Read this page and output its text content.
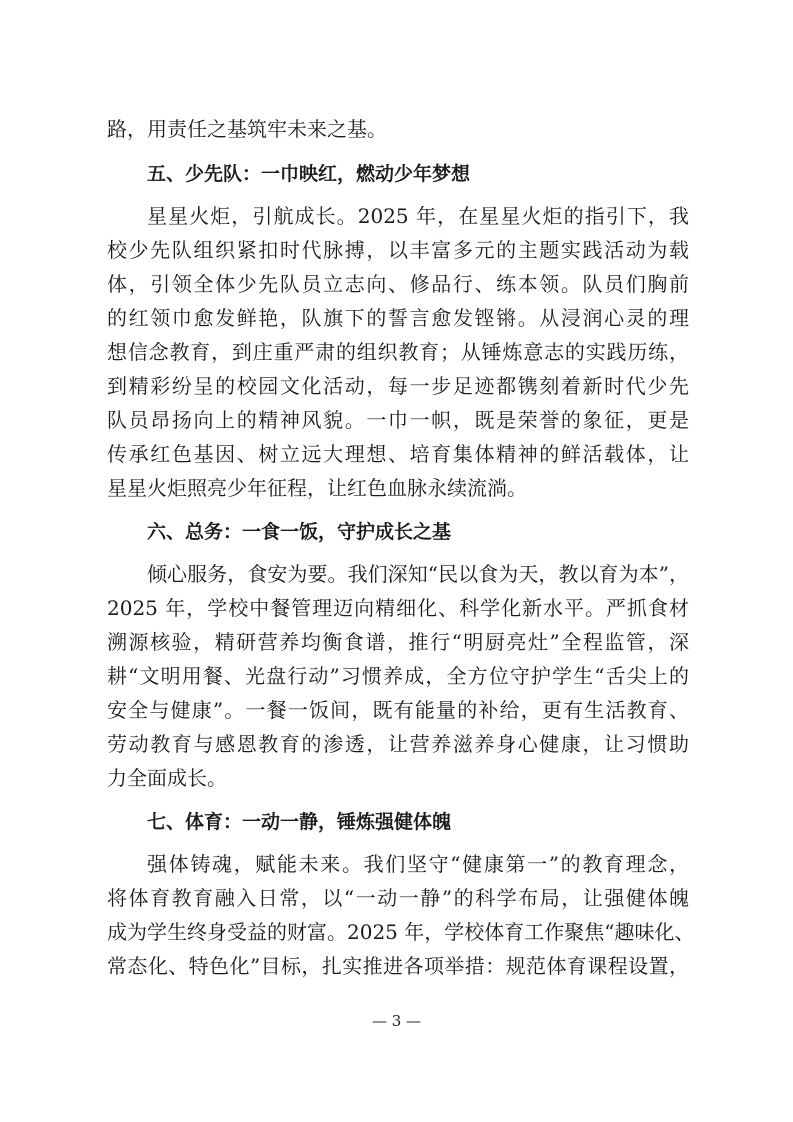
路，用责任之基筑牢未来之基。
五、少先队：一巾映红，燃动少年梦想
星星火炬，引航成长。2025 年，在星星火炬的指引下，我
校少先队组织紧扣时代脉搏，以丰富多元的主题实践活动为载
体，引领全体少先队员立志向、修品行、练本领。队员们胸前
的红领巾愈发鲜艳，队旗下的誓言愈发铿锵。从浸润心灵的理
想信念教育，到庄重严肃的组织教育；从锤炼意志的实践历练，
到精彩纷呈的校园文化活动，每一步足迹都镌刻着新时代少先
队员昂扬向上的精神风貌。一巾一帜，既是荣誉的象征，更是
传承红色基因、树立远大理想、培育集体精神的鲜活载体，让
星星火炬照亮少年征程，让红色血脉永续流淌。
六、总务：一食一饭，守护成长之基
倾心服务，食安为要。我们深知“民以食为天，教以育为本”，
2025 年，学校中餐管理迈向精细化、科学化新水平。严抓食材
溯源核验，精研营养均衡食谱，推行“明厨亮灶”全程监管，深
耕“文明用餐、光盘行动”习惯养成，全方位守护学生“舌尖上的
安全与健康”。一餐一饭间，既有能量的补给，更有生活教育、
劳动教育与感恩教育的渗透，让营养滋养身心健康，让习惯助
力全面成长。
七、体育：一动一静，锤炼强健体魄
强体铸魂，赋能未来。我们坚守“健康第一”的教育理念，
将体育教育融入日常，以“一动一静”的科学布局，让强健体魄
成为学生终身受益的财富。2025 年，学校体育工作聚焦“趣味化、
常态化、特色化”目标，扎实推进各项举措：规范体育课程设置，
— 3 —
